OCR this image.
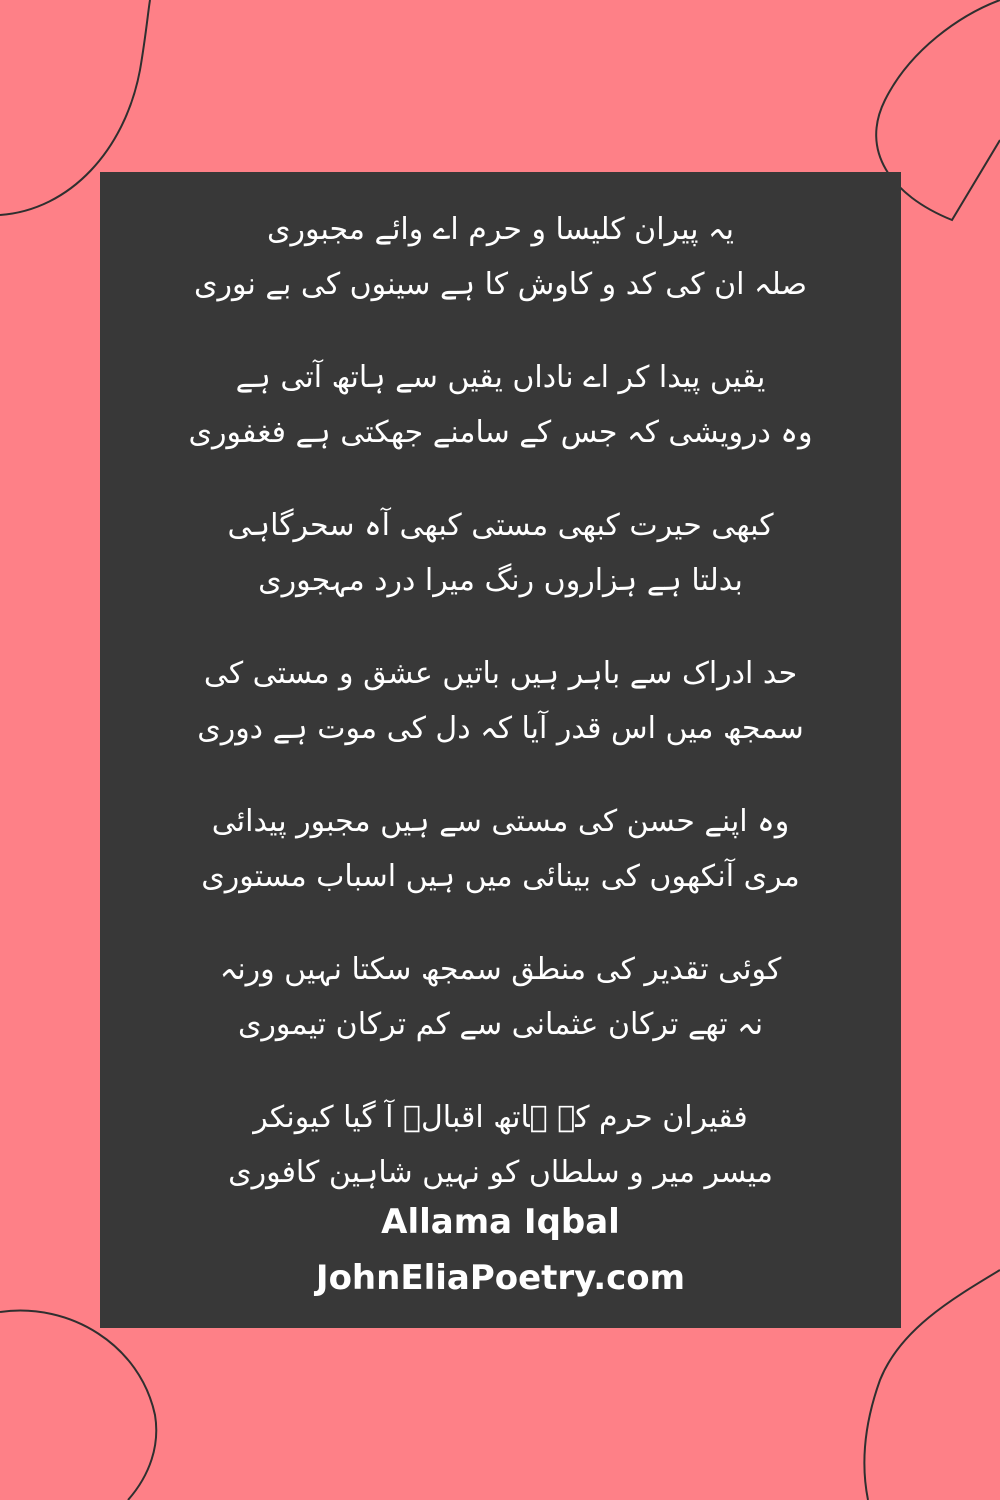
یہ پیران کلیسا و حرم اے وائے مجبوری
صلہ ان کی کد و کاوش کا ہے سینوں کی بے نوری
یقیں پیدا کر اے ناداں یقیں سے ہاتھ آتی ہے
وہ درویشی کہ جس کے سامنے جھکتی ہے فغفوری
کبھی حیرت کبھی مستی کبھی آہ سحرگاہی
بدلتا ہے ہزاروں رنگ میرا درد مہجوری
حد ادراک سے باہر ہیں باتیں عشق و مستی کی
سمجھ میں اس قدر آیا کہ دل کی موت ہے دوری
وہ اپنے حسن کی مستی سے ہیں مجبور پیدائی
مری آنکھوں کی بینائی میں ہیں اسباب مستوری
کوئی تقدیر کی منطق سمجھ سکتا نہیں ورنہ
نہ تھے ترکان عثمانی سے کم ترکان تیموری
فقیران حرم کے ہاتھ اقبالؔ آ گیا کیونکر
میسر میر و سلطاں کو نہیں شاہین کافوری
Allama Iqbal
JohnEliaPoetry.com
